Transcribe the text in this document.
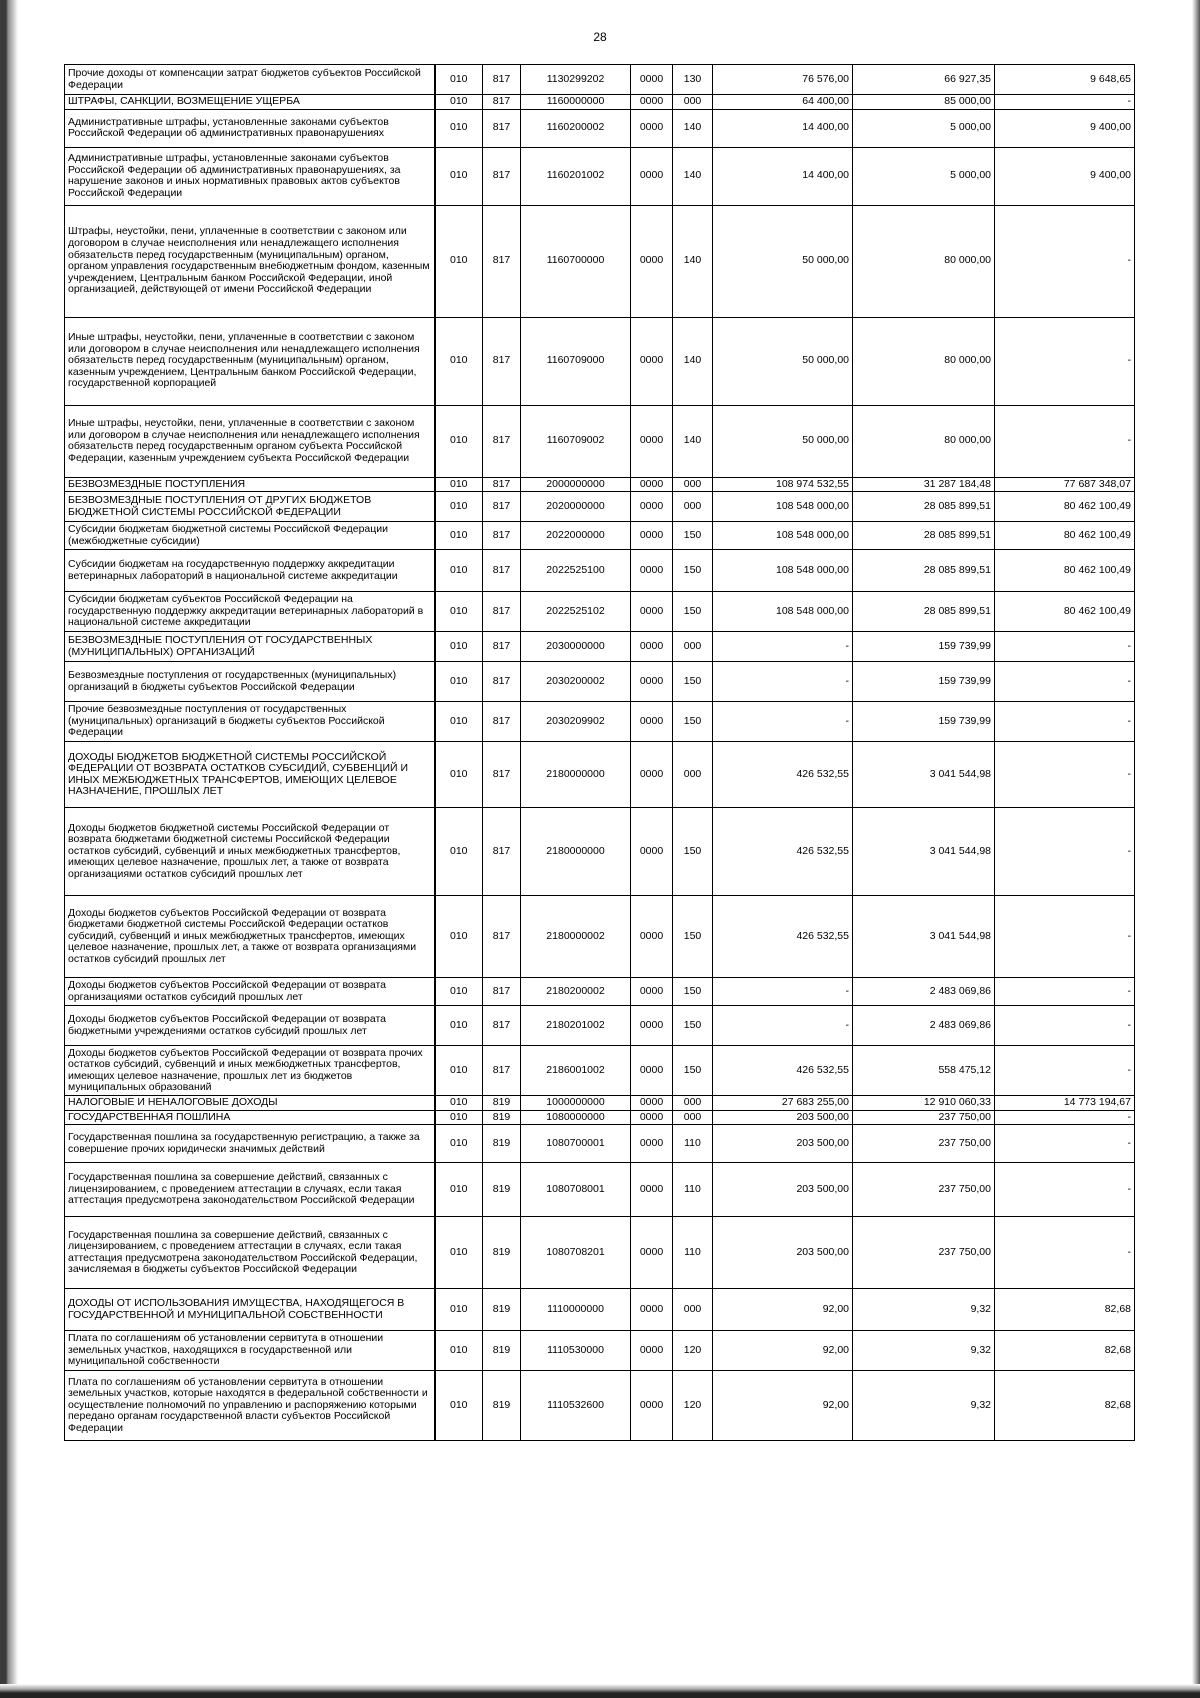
28
Прочие доходы от компенсации затрат бюджетов субъектов Российской Федерации	010	817	1130299202	0000	130	76 576,00	66 927,35	9 648,65
ШТРАФЫ, САНКЦИИ, ВОЗМЕЩЕНИЕ УЩЕРБА	010	817	1160000000	0000	000	64 400,00	85 000,00	-
Административные штрафы, установленные законами субъектов Российской Федерации об административных правонарушениях	010	817	1160200002	0000	140	14 400,00	5 000,00	9 400,00
Административные штрафы, установленные законами субъектов Российской Федерации об административных правонарушениях, за нарушение законов и иных нормативных правовых актов субъектов Российской Федерации	010	817	1160201002	0000	140	14 400,00	5 000,00	9 400,00
Штрафы, неустойки, пени, уплаченные в соответствии с законом или договором в случае неисполнения или ненадлежащего исполнения обязательств перед государственным (муниципальным) органом, органом управления государственным внебюджетным фондом, казенным учреждением, Центральным банком Российской Федерации, иной организацией, действующей от имени Российской Федерации	010	817	1160700000	0000	140	50 000,00	80 000,00	-
Иные штрафы, неустойки, пени, уплаченные в соответствии с законом или договором в случае неисполнения или ненадлежащего исполнения обязательств перед государственным (муниципальным) органом, казенным учреждением, Центральным банком Российской Федерации, государственной корпорацией	010	817	1160709000	0000	140	50 000,00	80 000,00	-
Иные штрафы, неустойки, пени, уплаченные в соответствии с законом или договором в случае неисполнения или ненадлежащего исполнения обязательств перед государственным органом субъекта Российской Федерации, казенным учреждением субъекта Российской Федерации	010	817	1160709002	0000	140	50 000,00	80 000,00	-
БЕЗВОЗМЕЗДНЫЕ ПОСТУПЛЕНИЯ	010	817	2000000000	0000	000	108 974 532,55	31 287 184,48	77 687 348,07
БЕЗВОЗМЕЗДНЫЕ ПОСТУПЛЕНИЯ ОТ ДРУГИХ БЮДЖЕТОВ БЮДЖЕТНОЙ СИСТЕМЫ РОССИЙСКОЙ ФЕДЕРАЦИИ	010	817	2020000000	0000	000	108 548 000,00	28 085 899,51	80 462 100,49
Субсидии бюджетам бюджетной системы Российской Федерации (межбюджетные субсидии)	010	817	2022000000	0000	150	108 548 000,00	28 085 899,51	80 462 100,49
Субсидии бюджетам на государственную поддержку аккредитации ветеринарных лабораторий в национальной системе аккредитации	010	817	2022525100	0000	150	108 548 000,00	28 085 899,51	80 462 100,49
Субсидии бюджетам субъектов Российской Федерации на государственную поддержку аккредитации ветеринарных лабораторий в национальной системе аккредитации	010	817	2022525102	0000	150	108 548 000,00	28 085 899,51	80 462 100,49
БЕЗВОЗМЕЗДНЫЕ ПОСТУПЛЕНИЯ ОТ ГОСУДАРСТВЕННЫХ (МУНИЦИПАЛЬНЫХ) ОРГАНИЗАЦИЙ	010	817	2030000000	0000	000	-	159 739,99	-
Безвозмездные поступления от государственных (муниципальных) организаций в бюджеты субъектов Российской Федерации	010	817	2030200002	0000	150	-	159 739,99	-
Прочие безвозмездные поступления от государственных (муниципальных) организаций в бюджеты субъектов Российской Федерации	010	817	2030209902	0000	150	-	159 739,99	-
ДОХОДЫ БЮДЖЕТОВ БЮДЖЕТНОЙ СИСТЕМЫ РОССИЙСКОЙ ФЕДЕРАЦИИ ОТ ВОЗВРАТА ОСТАТКОВ СУБСИДИЙ, СУБВЕНЦИЙ И ИНЫХ МЕЖБЮДЖЕТНЫХ ТРАНСФЕРТОВ, ИМЕЮЩИХ ЦЕЛЕВОЕ НАЗНАЧЕНИЕ, ПРОШЛЫХ ЛЕТ	010	817	2180000000	0000	000	426 532,55	3 041 544,98	-
Доходы бюджетов бюджетной системы Российской Федерации от возврата бюджетами бюджетной системы Российской Федерации остатков субсидий, субвенций и иных межбюджетных трансфертов, имеющих целевое назначение, прошлых лет, а также от возврата организациями остатков субсидий прошлых лет	010	817	2180000000	0000	150	426 532,55	3 041 544,98	-
Доходы бюджетов субъектов Российской Федерации от возврата бюджетами бюджетной системы Российской Федерации остатков субсидий, субвенций и иных межбюджетных трансфертов, имеющих целевое назначение, прошлых лет, а также от возврата организациями остатков субсидий прошлых лет	010	817	2180000002	0000	150	426 532,55	3 041 544,98	-
Доходы бюджетов субъектов Российской Федерации от возврата организациями остатков субсидий прошлых лет	010	817	2180200002	0000	150	-	2 483 069,86	-
Доходы бюджетов субъектов Российской Федерации от возврата бюджетными учреждениями остатков субсидий прошлых лет	010	817	2180201002	0000	150	-	2 483 069,86	-
Доходы бюджетов субъектов Российской Федерации от возврата прочих остатков субсидий, субвенций и иных межбюджетных трансфертов, имеющих целевое назначение, прошлых лет из бюджетов муниципальных образований	010	817	2186001002	0000	150	426 532,55	558 475,12	-
НАЛОГОВЫЕ И НЕНАЛОГОВЫЕ ДОХОДЫ	010	819	1000000000	0000	000	27 683 255,00	12 910 060,33	14 773 194,67
ГОСУДАРСТВЕННАЯ ПОШЛИНА	010	819	1080000000	0000	000	203 500,00	237 750,00	-
Государственная пошлина за государственную регистрацию, а также за совершение прочих юридически значимых действий	010	819	1080700001	0000	110	203 500,00	237 750,00	-
Государственная пошлина за совершение действий, связанных с лицензированием, с проведением аттестации в случаях, если такая аттестация предусмотрена законодательством Российской Федерации	010	819	1080708001	0000	110	203 500,00	237 750,00	-
Государственная пошлина за совершение действий, связанных с лицензированием, с проведением аттестации в случаях, если такая аттестация предусмотрена законодательством Российской Федерации, зачисляемая в бюджеты субъектов Российской Федерации	010	819	1080708201	0000	110	203 500,00	237 750,00	-
ДОХОДЫ ОТ ИСПОЛЬЗОВАНИЯ ИМУЩЕСТВА, НАХОДЯЩЕГОСЯ В ГОСУДАРСТВЕННОЙ И МУНИЦИПАЛЬНОЙ СОБСТВЕННОСТИ	010	819	1110000000	0000	000	92,00	9,32	82,68
Плата по соглашениям об установлении сервитута в отношении земельных участков, находящихся в государственной или муниципальной собственности	010	819	1110530000	0000	120	92,00	9,32	82,68
Плата по соглашениям об установлении сервитута в отношении земельных участков, которые находятся в федеральной собственности и осуществление полномочий по управлению и распоряжению которыми передано органам государственной власти субъектов Российской Федерации	010	819	1110532600	0000	120	92,00	9,32	82,68
